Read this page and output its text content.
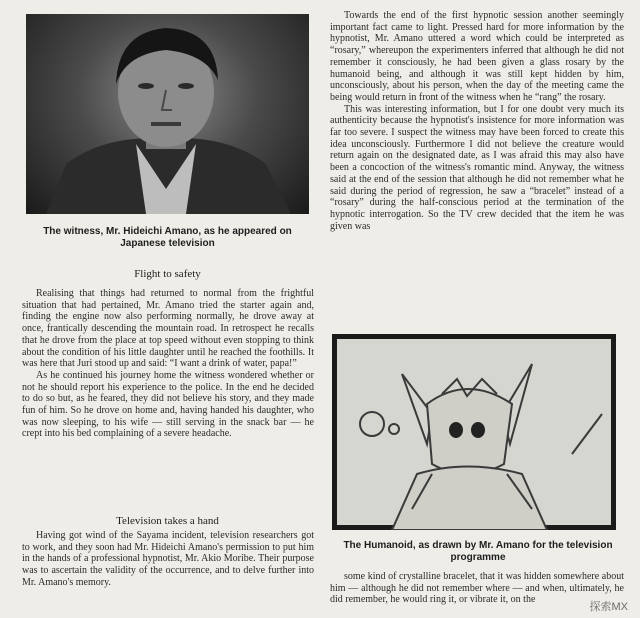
The witness, Mr. Hideichi Amano, as he appeared on Japanese television
Flight to safety

Realising that things had returned to normal from the frightful situation that had pertained, Mr. Amano tried the starter again and, finding the engine now also performing normally, he drove away at once, frantically descending the mountain road. In retrospect he recalls that he drove from the place at top speed without even stopping to think about the condition of his little daughter until he reached the foothills. It was here that Juri stood up and said: “I want a drink of water, papa!”

As he continued his journey home the witness wondered whether or not he should report his experience to the police. In the end he decided to do so but, as he feared, they did not believe his story, and they made fun of him. So he drove on home and, having handed his daughter, who was now sleeping, to his wife — still serving in the snack bar — he crept into his bed complaining of a severe headache.

Television takes a hand

Having got wind of the Sayama incident, television researchers got to work, and they soon had Mr. Hideichi Amano's permission to put him in the hands of a professional hypnotist, Mr. Akio Moribe. Their purpose was to ascertain the validity of the occurrence, and to delve further into Mr. Amano's memory.

Towards the end of the first hypnotic session another seemingly important fact came to light. Pressed hard for more information by the hypnotist, Mr. Amano uttered a word which could be interpreted as “rosary,” whereupon the experimenters inferred that although he did not remember it consciously, he had been given a glass rosary by the humanoid being, and although it was still kept hidden by him, unconsciously, about his person, when the day of the meeting came the being would return in front of the witness when he “rang” the rosary.

This was interesting information, but I for one doubt very much its authenticity because the hypnotist's insistence for more information was far too severe. I suspect the witness may have been forced to create this idea unconsciously. Furthermore I did not believe the creature would return again on the designated date, as I was afraid this may also have been a concoction of the witness's romantic mind. Anyway, the witness said at the end of the session that although he did not remember what he said during the period of regression, he saw a “bracelet” instead of a “rosary” during the half-conscious period at the termination of the hypnotic interrogation. So the TV crew decided that the item he was given was

The Humanoid, as drawn by Mr. Amano for the television programme

some kind of crystalline bracelet, that it was hidden somewhere about him — although he did not remember where — and when, ultimately, he did remember, he would ring it, or vibrate it, on the

探索MX
